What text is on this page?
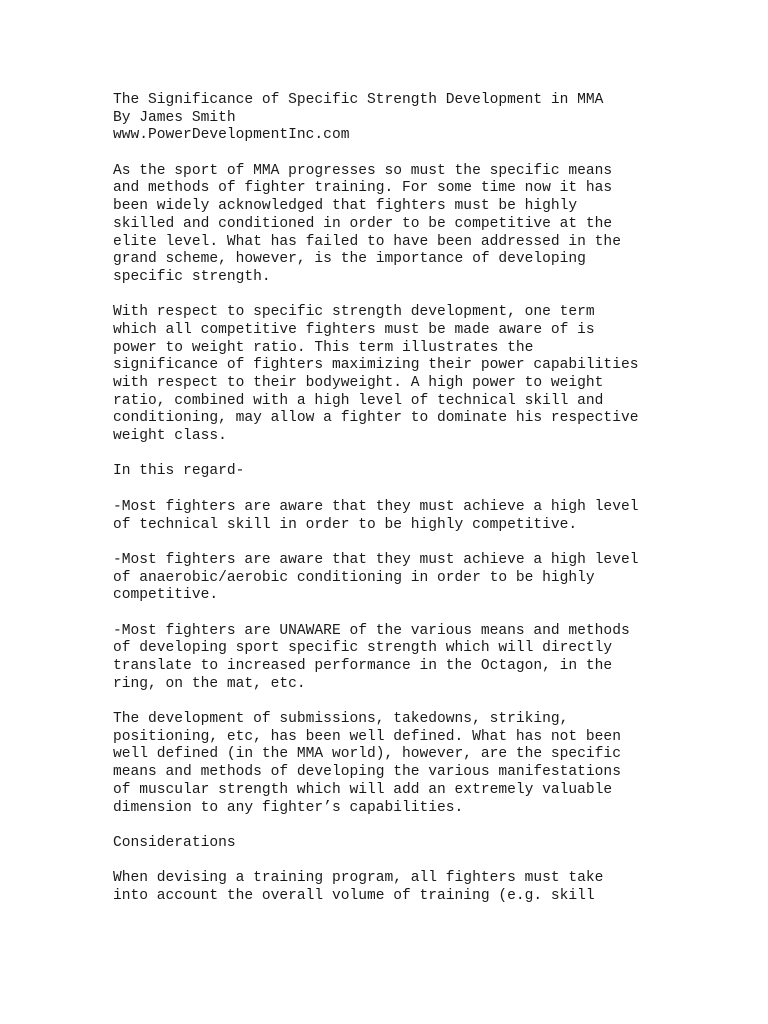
The Significance of Specific Strength Development in MMA
By James Smith
www.PowerDevelopmentInc.com
As the sport of MMA progresses so must the specific means
and methods of fighter training. For some time now it has
been widely acknowledged that fighters must be highly
skilled and conditioned in order to be competitive at the
elite level. What has failed to have been addressed in the
grand scheme, however, is the importance of developing
specific strength.
With respect to specific strength development, one term
which all competitive fighters must be made aware of is
power to weight ratio. This term illustrates the
significance of fighters maximizing their power capabilities
with respect to their bodyweight. A high power to weight
ratio, combined with a high level of technical skill and
conditioning, may allow a fighter to dominate his respective
weight class.
In this regard-
-Most fighters are aware that they must achieve a high level
of technical skill in order to be highly competitive.
-Most fighters are aware that they must achieve a high level
of anaerobic/aerobic conditioning in order to be highly
competitive.
-Most fighters are UNAWARE of the various means and methods
of developing sport specific strength which will directly
translate to increased performance in the Octagon, in the
ring, on the mat, etc.
The development of submissions, takedowns, striking,
positioning, etc, has been well defined. What has not been
well defined (in the MMA world), however, are the specific
means and methods of developing the various manifestations
of muscular strength which will add an extremely valuable
dimension to any fighter’s capabilities.
Considerations
When devising a training program, all fighters must take
into account the overall volume of training (e.g. skill
